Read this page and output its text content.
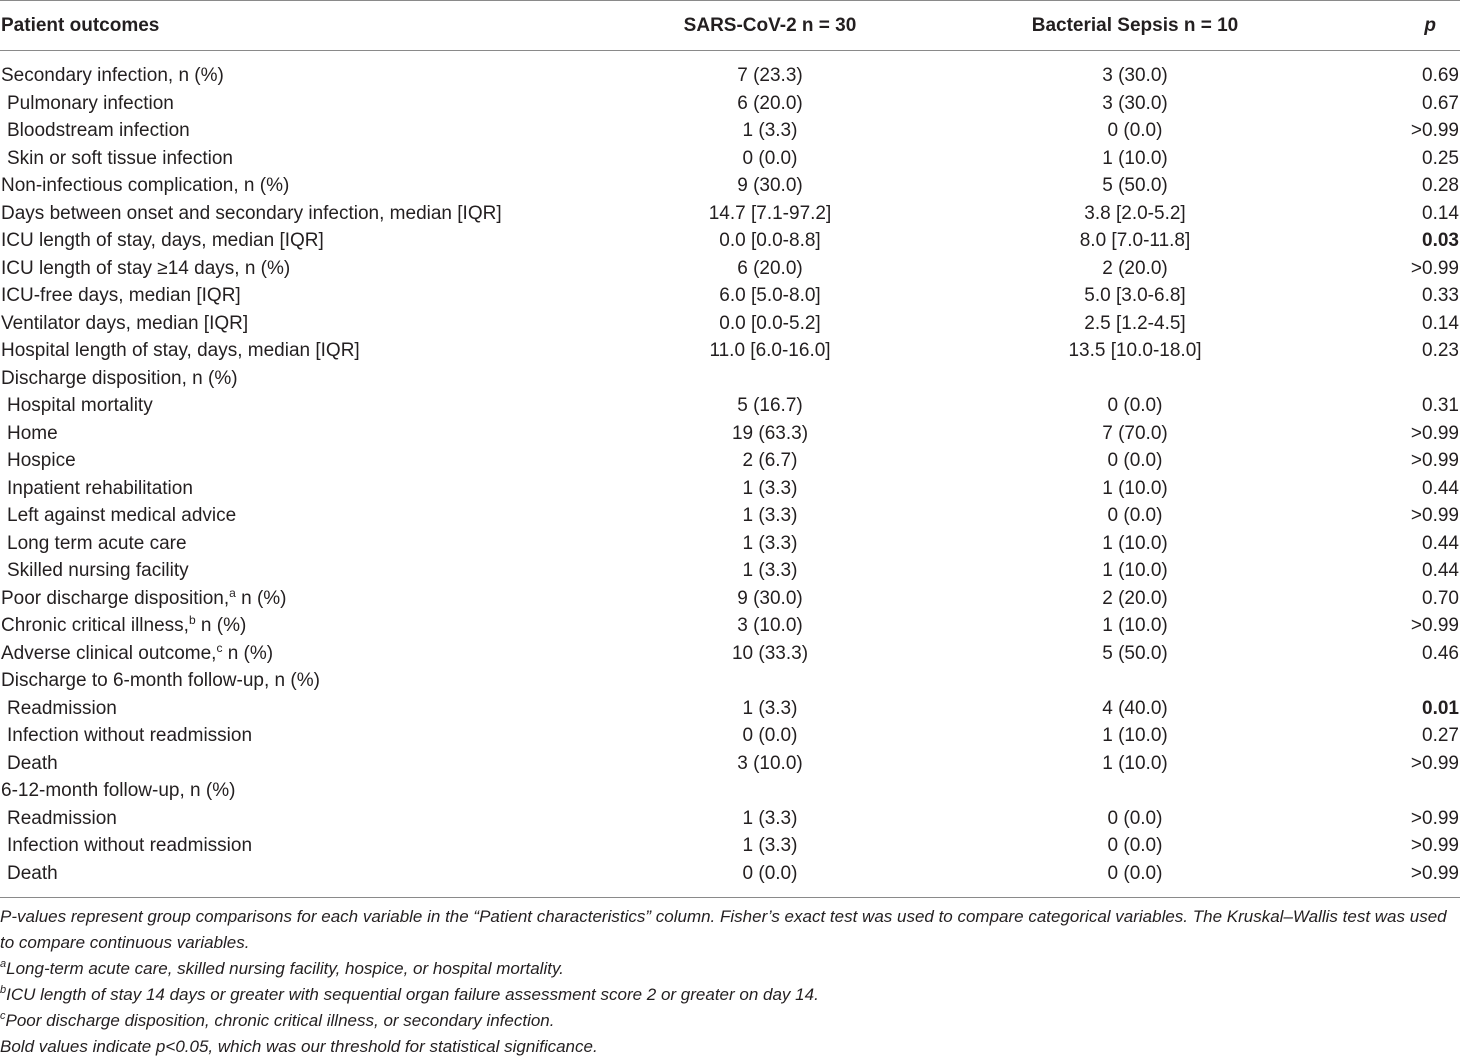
Patient outcomes	SARS-CoV-2 n = 30	Bacterial Sepsis n = 10	p
Secondary infection, n (%)	7 (23.3)	3 (30.0)	0.69
Pulmonary infection	6 (20.0)	3 (30.0)	0.67
Bloodstream infection	1 (3.3)	0 (0.0)	>0.99
Skin or soft tissue infection	0 (0.0)	1 (10.0)	0.25
Non-infectious complication, n (%)	9 (30.0)	5 (50.0)	0.28
Days between onset and secondary infection, median [IQR]	14.7 [7.1-97.2]	3.8 [2.0-5.2]	0.14
ICU length of stay, days, median [IQR]	0.0 [0.0-8.8]	8.0 [7.0-11.8]	0.03
ICU length of stay ≥14 days, n (%)	6 (20.0)	2 (20.0)	>0.99
ICU-free days, median [IQR]	6.0 [5.0-8.0]	5.0 [3.0-6.8]	0.33
Ventilator days, median [IQR]	0.0 [0.0-5.2]	2.5 [1.2-4.5]	0.14
Hospital length of stay, days, median [IQR]	11.0 [6.0-16.0]	13.5 [10.0-18.0]	0.23
Discharge disposition, n (%)
Hospital mortality	5 (16.7)	0 (0.0)	0.31
Home	19 (63.3)	7 (70.0)	>0.99
Hospice	2 (6.7)	0 (0.0)	>0.99
Inpatient rehabilitation	1 (3.3)	1 (10.0)	0.44
Left against medical advice	1 (3.3)	0 (0.0)	>0.99
Long term acute care	1 (3.3)	1 (10.0)	0.44
Skilled nursing facility	1 (3.3)	1 (10.0)	0.44
Poor discharge disposition,$^a$ n (%)	9 (30.0)	2 (20.0)	0.70
Chronic critical illness,$^b$ n (%)	3 (10.0)	1 (10.0)	>0.99
Adverse clinical outcome,$^c$ n (%)	10 (33.3)	5 (50.0)	0.46
Discharge to 6-month follow-up, n (%)
Readmission	1 (3.3)	4 (40.0)	0.01
Infection without readmission	0 (0.0)	1 (10.0)	0.27
Death	3 (10.0)	1 (10.0)	>0.99
6-12-month follow-up, n (%)
Readmission	1 (3.3)	0 (0.0)	>0.99
Infection without readmission	1 (3.3)	0 (0.0)	>0.99
Death	0 (0.0)	0 (0.0)	>0.99

P-values represent group comparisons for each variable in the “Patient characteristics” column. Fisher’s exact test was used to compare categorical variables. The Kruskal–Wallis test was used to compare continuous variables.

$^a$Long-term acute care, skilled nursing facility, hospice, or hospital mortality.

$^b$ICU length of stay 14 days or greater with sequential organ failure assessment score 2 or greater on day 14.

$^c$Poor discharge disposition, chronic critical illness, or secondary infection.

Bold values indicate p<0.05, which was our threshold for statistical significance.
